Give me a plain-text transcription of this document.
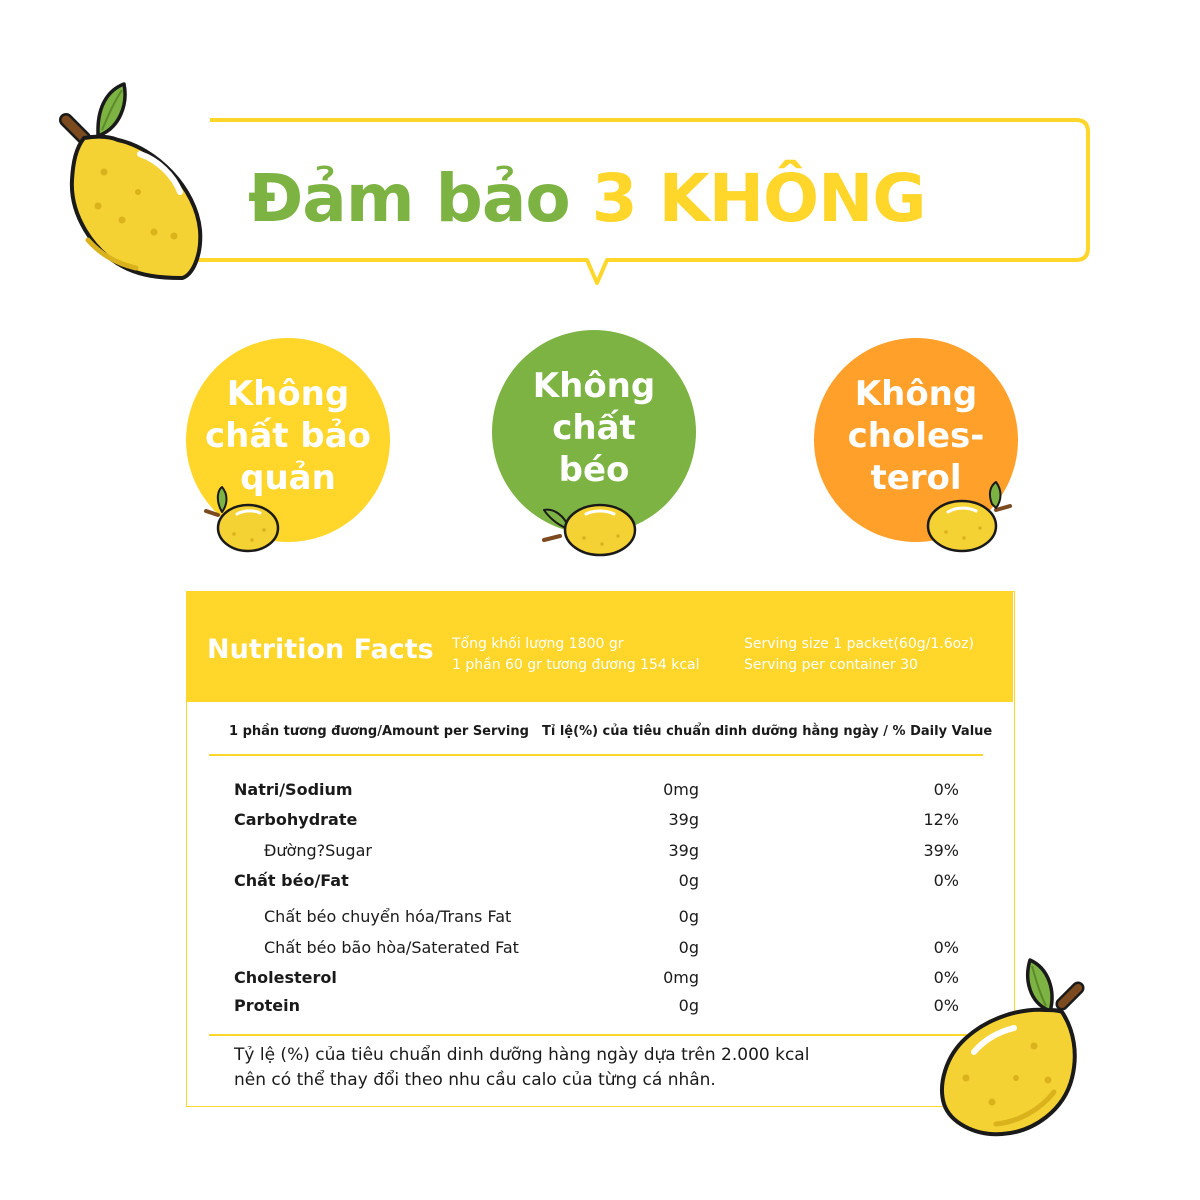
Đảm bảo 3 KHÔNG
Không
chất bảo
quản
Không
chất
béo
Không
choles-
terol
Nutrition Facts Tổng khối lượng 1800 gr
1 phần 60 gr tương đương 154 kcal
Serving size 1 packet(60g/1.6oz)
Serving per container 30
1 phần tương đương/Amount per Serving Tỉ lệ(%) của tiêu chuẩn dinh dưỡng hằng ngày / % Daily Value
Natri/Sodium	0mg	0%
Carbohydrate	39g	12%
Đường?Sugar	39g	39%
Chất béo/Fat	0g	0%
Chất béo chuyển hóa/Trans Fat	0g
Chất béo bão hòa/Saterated Fat	0g	0%
Cholesterol	0mg	0%
Protein	0g	0%
Tỷ lệ (%) của tiêu chuẩn dinh dưỡng hàng ngày dựa trên 2.000 kcal
nên có thể thay đổi theo nhu cầu calo của từng cá nhân.
